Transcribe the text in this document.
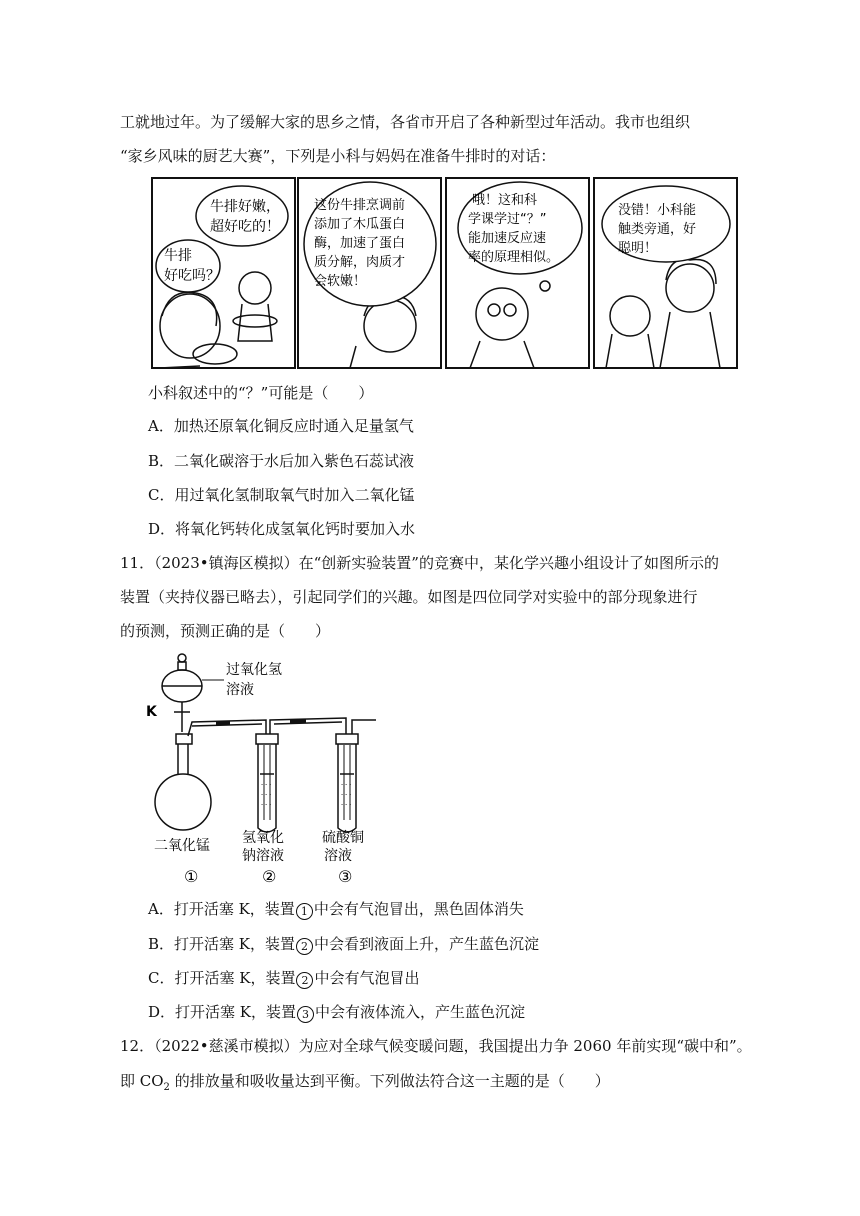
工就地过年。为了缓解大家的思乡之情，各省市开启了各种新型过年活动。我市也组织
“家乡风味的厨艺大赛”，下列是小科与妈妈在准备牛排时的对话：
牛排好嫩，
超好吃的！
牛排
好吃吗？
这份牛排烹调前
添加了木瓜蛋白
酶，加速了蛋白
质分解，肉质才
会软嫩！
哦！这和科
学课学过“？”
能加速反应速
率的原理相似。
没错！小科能
触类旁通，好
聪明！
小科叙述中的“？”可能是（　　）
A．加热还原氧化铜反应时通入足量氢气
B．二氧化碳溶于水后加入紫色石蕊试液
C．用过氧化氢制取氧气时加入二氧化锰
D．将氧化钙转化成氢氧化钙时要加入水
11．（2023•镇海区模拟）在“创新实验装置”的竞赛中，某化学兴趣小组设计了如图所示的
装置（夹持仪器已略去），引起同学们的兴趣。如图是四位同学对实验中的部分现象进行
的预测，预测正确的是（　　）
- - -
- - -
- - -
- - -
- - -
- - -
过氧化氢
溶液
K
二氧化锰 氢氧化
钠溶液
硫酸铜
溶液
①	②	③
A．打开活塞 K，装置 1 中会有气泡冒出，黑色固体消失
B．打开活塞 K，装置 2 中会看到液面上升，产生蓝色沉淀
C．打开活塞 K，装置 2 中会有气泡冒出
D．打开活塞 K，装置 3 中会有液体流入，产生蓝色沉淀
12．（2022•慈溪市模拟）为应对全球气候变暖问题，我国提出力争 2060 年前实现“碳中和”。
即 $CO_2$ 的排放量和吸收量达到平衡。下列做法符合这一主题的是（　　）
